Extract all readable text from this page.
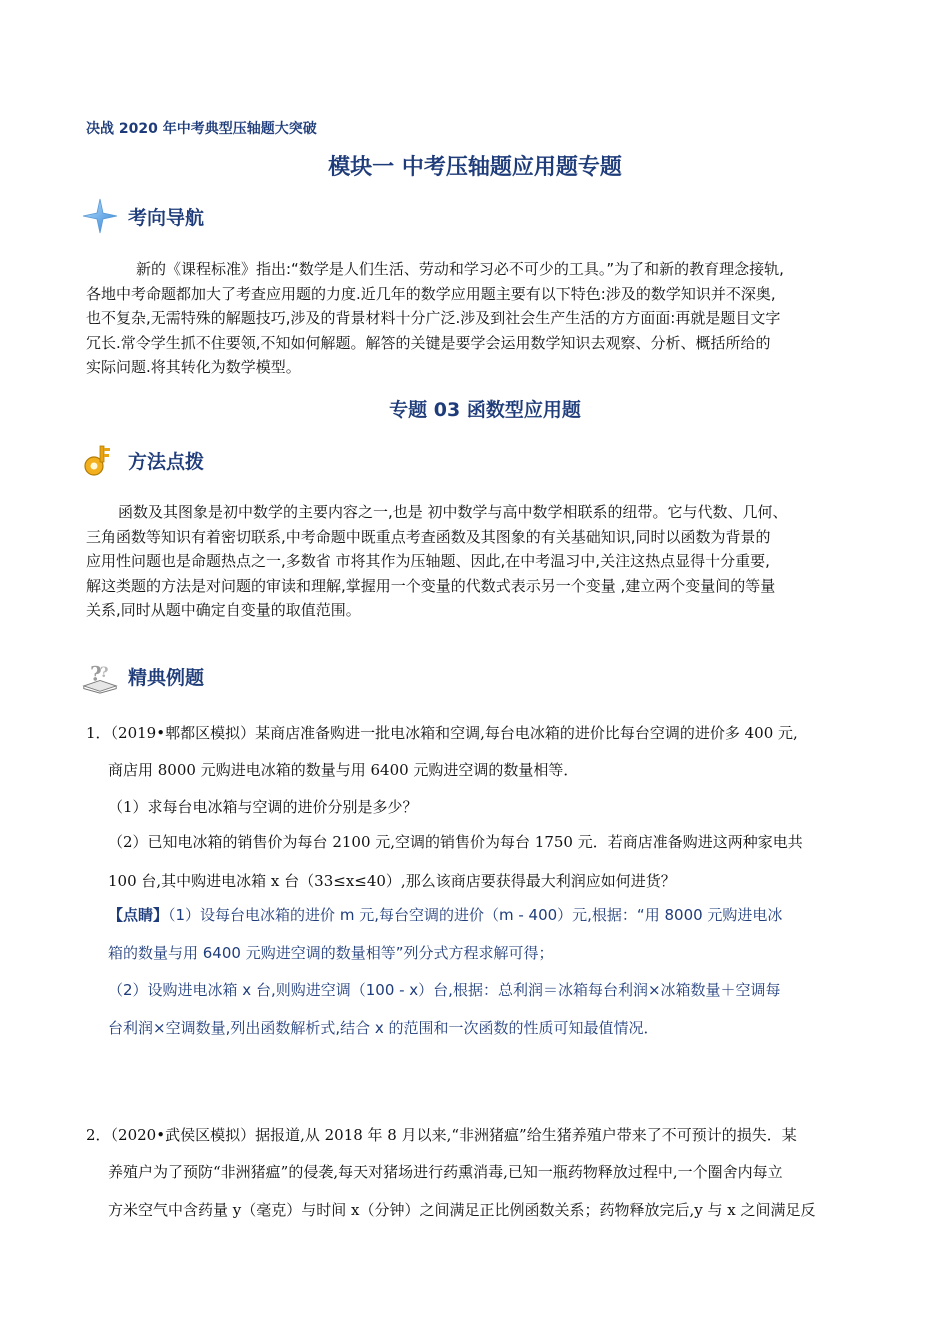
决战 2020 年中考典型压轴题大突破
模块一 中考压轴题应用题专题
考向导航
新的《课程标准》指出:“数学是人们生活、劳动和学习必不可少的工具。”为了和新的教育理念接轨,
各地中考命题都加大了考查应用题的力度.近几年的数学应用题主要有以下特色:涉及的数学知识并不深奥,
也不复杂,无需特殊的解题技巧,涉及的背景材料十分广泛.涉及到社会生产生活的方方面面:再就是题目文字
冗长.常令学生抓不住要领,不知如何解题。解答的关键是要学会运用数学知识去观察、分析、概括所给的
实际问题.将其转化为数学模型。
专题 03 函数型应用题
方法点拨
函数及其图象是初中数学的主要内容之一,也是 初中数学与高中数学相联系的纽带。它与代数、几何、
三角函数等知识有着密切联系,中考命题中既重点考查函数及其图象的有关基础知识,同时以函数为背景的
应用性问题也是命题热点之一,多数省 市将其作为压轴题、因此,在中考温习中,关注这热点显得十分重要,
解这类题的方法是对问题的审读和理解,掌握用一个变量的代数式表示另一个变量 ,建立两个变量间的等量
关系,同时从题中确定自变量的取值范围。
?
? 精典例题
1．（2019•郫都区模拟）某商店准备购进一批电冰箱和空调,每台电冰箱的进价比每台空调的进价多 400 元,
商店用 8000 元购进电冰箱的数量与用 6400 元购进空调的数量相等．
（1）求每台电冰箱与空调的进价分别是多少？
（2）已知电冰箱的销售价为每台 2100 元,空调的销售价为每台 1750 元．若商店准备购进这两种家电共
100 台,其中购进电冰箱 x 台（33≤x≤40）,那么该商店要获得最大利润应如何进货？
【点睛】（1）设每台电冰箱的进价 m 元,每台空调的进价（m - 400）元,根据：“用 8000 元购进电冰
箱的数量与用 6400 元购进空调的数量相等”列分式方程求解可得；
（2）设购进电冰箱 x 台,则购进空调（100 - x）台,根据：总利润＝冰箱每台利润×冰箱数量＋空调每
台利润×空调数量,列出函数解析式,结合 x 的范围和一次函数的性质可知最值情况．
2．（2020•武侯区模拟）据报道,从 2018 年 8 月以来,“非洲猪瘟”给生猪养殖户带来了不可预计的损失．某
养殖户为了预防“非洲猪瘟”的侵袭,每天对猪场进行药熏消毒,已知一瓶药物释放过程中,一个圈舍内每立
方米空气中含药量 y（毫克）与时间 x（分钟）之间满足正比例函数关系；药物释放完后,y 与 x 之间满足反
